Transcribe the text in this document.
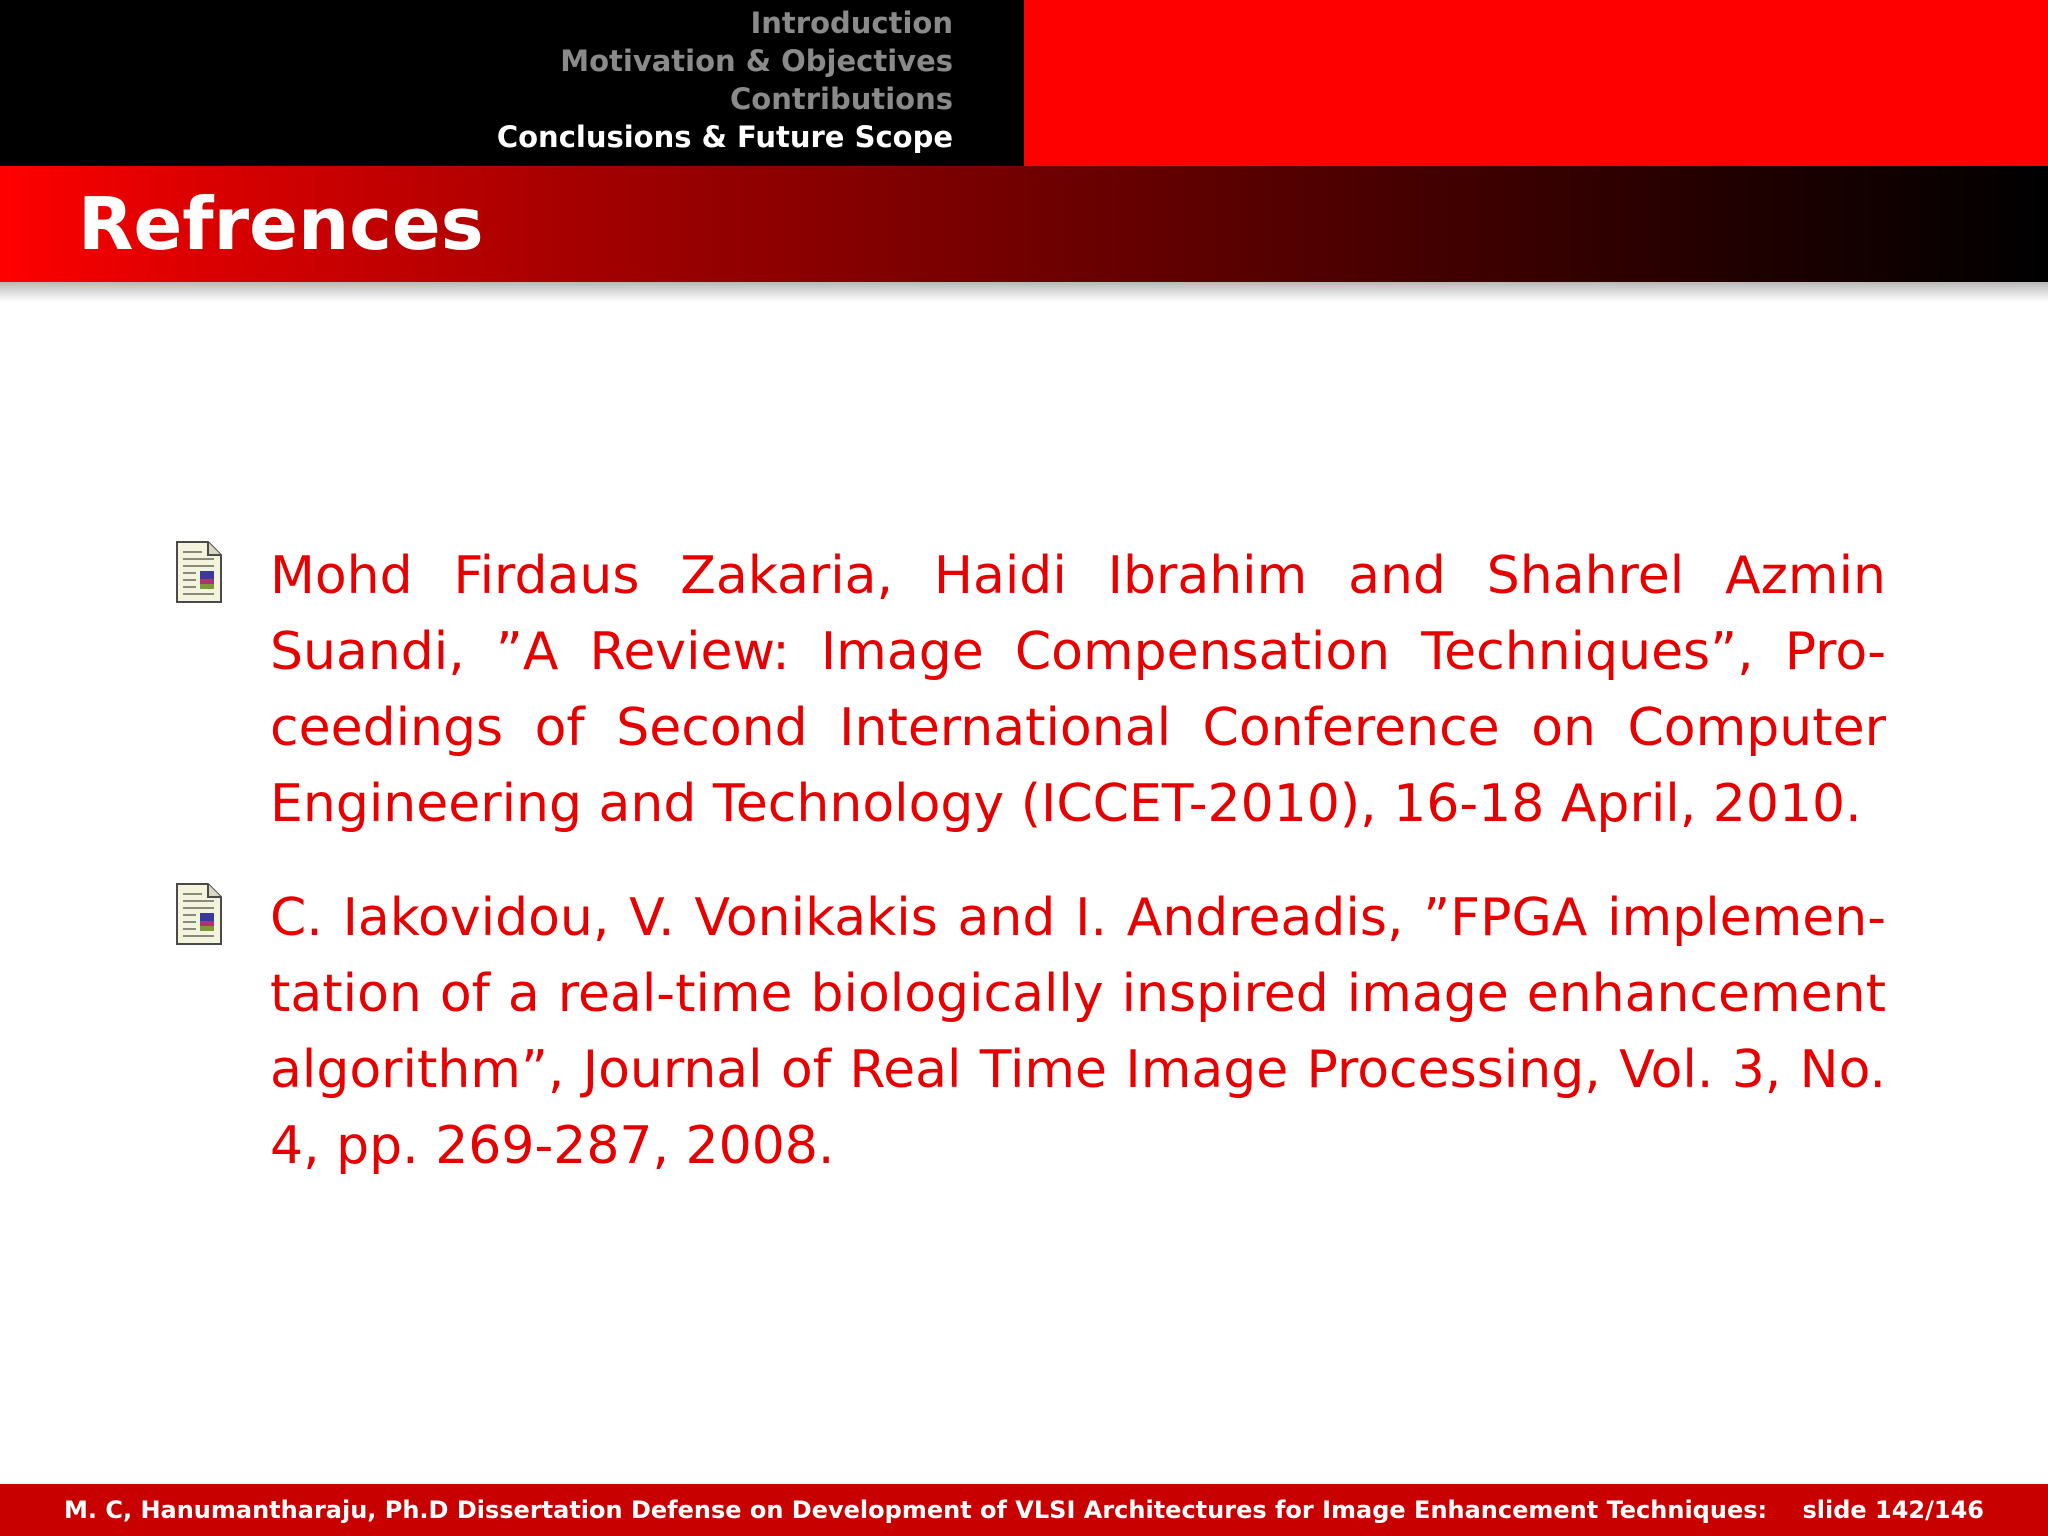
Introduction
Motivation & Objectives
Contributions
Conclusions & Future Scope
Refrences
Mohd Firdaus Zakaria, Haidi Ibrahim and Shahrel Azmin Suandi, ”A Review: Image Compensation Techniques”, Proceedings of Second International Conference on Computer Engineering and Technology (ICCET-2010), 16-18 April, 2010.
C. Iakovidou, V. Vonikakis and I. Andreadis, ”FPGA implementation of a real-time biologically inspired image enhancement algorithm”, Journal of Real Time Image Processing, Vol. 3, No. 4, pp. 269-287, 2008.
M. C, Hanumantharaju, Ph.D Dissertation Defense on Development of VLSI Architectures for Image Enhancement Techniques: slide 142/146
